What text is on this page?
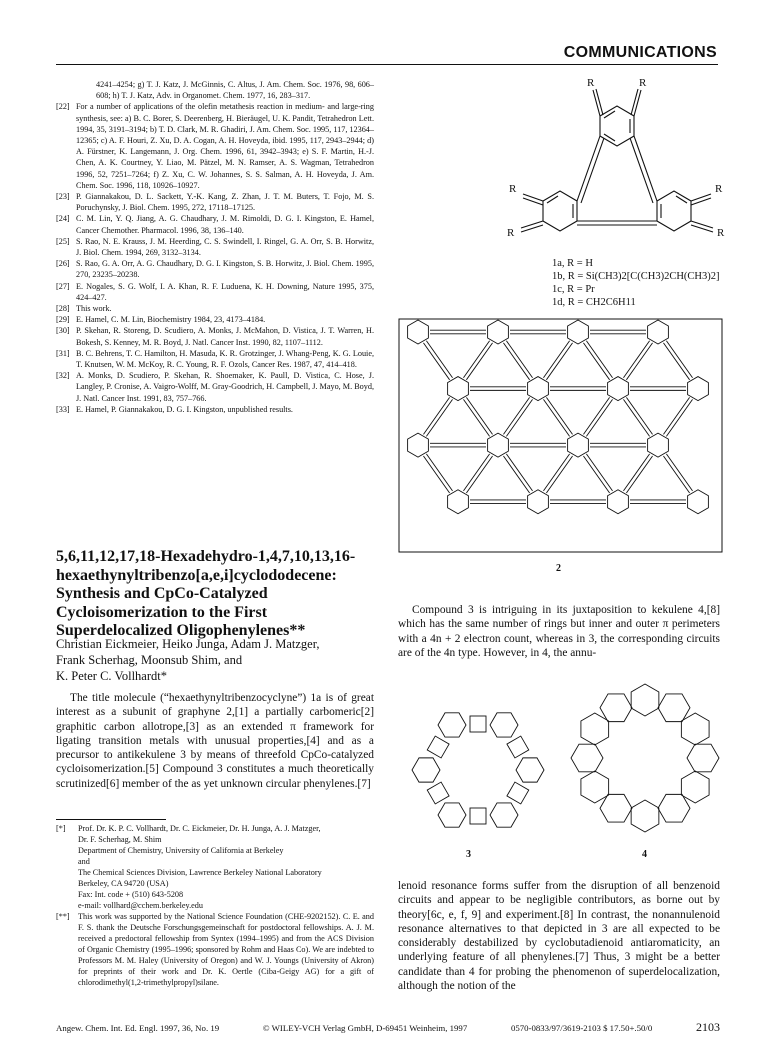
COMMUNICATIONS
4241–4254; g) T. J. Katz, J. McGinnis, C. Altus, J. Am. Chem. Soc. 1976, 98, 606–608; h) T. J. Katz, Adv. in Organomet. Chem. 1977, 16, 283–317.
[22] For a number of applications of the olefin metathesis reaction in medium- and large-ring synthesis, see: a) B. C. Borer, S. Deerenberg, H. Bieräugel, U. K. Pandit, Tetrahedron Lett. 1994, 35, 3191–3194; b) T. D. Clark, M. R. Ghadiri, J. Am. Chem. Soc. 1995, 117, 12364–12365; c) A. F. Houri, Z. Xu, D. A. Cogan, A. H. Hoveyda, ibid. 1995, 117, 2943–2944; d) A. Fürstner, K. Langemann, J. Org. Chem. 1996, 61, 3942–3943; e) S. F. Martin, H.-J. Chen, A. K. Courtney, Y. Liao, M. Pätzel, M. N. Ramser, A. S. Wagman, Tetrahedron 1996, 52, 7251–7264; f) Z. Xu, C. W. Johannes, S. S. Salman, A. H. Hoveyda, J. Am. Chem. Soc. 1996, 118, 10926–10927.
[23] P. Giannakakou, D. L. Sackett, Y.-K. Kang, Z. Zhan, J. T. M. Buters, T. Fojo, M. S. Poruchynsky, J. Biol. Chem. 1995, 272, 17118–17125.
[24] C. M. Lin, Y. Q. Jiang, A. G. Chaudhary, J. M. Rimoldi, D. G. I. Kingston, E. Hamel, Cancer Chemother. Pharmacol. 1996, 38, 136–140.
[25] S. Rao, N. E. Krauss, J. M. Heerding, C. S. Swindell, I. Ringel, G. A. Orr, S. B. Horwitz, J. Biol. Chem. 1994, 269, 3132–3134.
[26] S. Rao, G. A. Orr, A. G. Chaudhary, D. G. I. Kingston, S. B. Horwitz, J. Biol. Chem. 1995, 270, 23235–20238.
[27] E. Nogales, S. G. Wolf, I. A. Khan, R. F. Luduena, K. H. Downing, Nature 1995, 375, 424–427.
[28] This work.
[29] E. Hamel, C. M. Lin, Biochemistry 1984, 23, 4173–4184.
[30] P. Skehan, R. Storeng, D. Scudiero, A. Monks, J. McMahon, D. Vistica, J. T. Warren, H. Bokesh, S. Kenney, M. R. Boyd, J. Natl. Cancer Inst. 1990, 82, 1107–1112.
[31] B. C. Behrens, T. C. Hamilton, H. Masuda, K. R. Grotzinger, J. Whang-Peng, K. G. Louie, T. Knutsen, W. M. McKoy, R. C. Young, R. F. Ozols, Cancer Res. 1987, 47, 414–418.
[32] A. Monks, D. Scudiero, P. Skehan, R. Shoemaker, K. Paull, D. Vistica, C. Hose, J. Langley, P. Cronise, A. Vaigro-Wolff, M. Gray-Goodrich, H. Campbell, J. Mayo, M. Boyd, J. Natl. Cancer Inst. 1991, 83, 757–766.
[33] E. Hamel, P. Giannakakou, D. G. I. Kingston, unpublished results.
5,6,11,12,17,18-Hexadehydro-1,4,7,10,13,16-
hexaethynyltribenzo[a,e,i]cyclododecene:
Synthesis and CpCo-Catalyzed
Cycloisomerization to the First
Superdelocalized Oligophenylenes**
Christian Eickmeier, Heiko Junga, Adam J. Matzger,
Frank Scherhag, Moonsub Shim, and
K. Peter C. Vollhardt*
The title molecule (“hexaethynyltribenzocyclyne”) 1a is of great interest as a subunit of graphyne 2,[1] a partially carbomeric[2] graphitic carbon allotrope,[3] as an extended π framework for ligating transition metals with unusual properties,[4] and as a precursor to antikekulene 3 by means of threefold CpCo-catalyzed cycloisomerization.[5] Compound 3 constitutes a much theoretically scrutinized[6] member of the as yet unknown circular phenylenes.[7]
[*]	Prof. Dr. K. P. C. Vollhardt, Dr. C. Eickmeier, Dr. H. Junga, A. J. Matzger,
Dr. F. Scherhag, M. Shim
Department of Chemistry, University of California at Berkeley
and
The Chemical Sciences Division, Lawrence Berkeley National Laboratory
Berkeley, CA 94720 (USA)
Fax: Int. code + (510) 643-5208
e-mail: vollhard@cchem.berkeley.edu
[**]	This work was supported by the National Science Foundation (CHE-9202152). C. E. and F. S. thank the Deutsche Forschungsgemeinschaft for postdoctoral fellowships. A. J. M. received a predoctoral fellowship from Syntex (1994–1995) and from the ACS Division of Organic Chemistry (1995–1996; sponsored by Rohm and Haas Co). We are indebted to Professors M. M. Haley (University of Oregon) and W. J. Youngs (University of Akron) for preprints of their work and Dr. K. Oertle (Ciba-Geigy AG) for a gift of chlorodimethyl(1,2-trimethylpropyl)silane.
R	R
R
R
R
R
1a, R = H
1b, R = Si(CH3)2[C(CH3)2CH(CH3)2]
1c, R = Pr
1d, R = CH2C6H11
2
Compound 3 is intriguing in its juxtaposition to kekulene 4,[8] which has the same number of rings but inner and outer π perimeters with a 4n + 2 electron count, whereas in 3, the corresponding circuits are of the 4n type. However, in 4, the annu-
3	4
lenoid resonance forms suffer from the disruption of all benzenoid circuits and appear to be negligible contributors, as borne out by theory[6c, e, f, 9] and experiment.[8] In contrast, the nonannulenoid resonance alternatives to that depicted in 3 are all expected to be considerably destabilized by cyclobutadienoid antiaromaticity, an underlying feature of all phenylenes.[7] Thus, 3 might be a better candidate than 4 for probing the phenomenon of superdelocalization, although the notion of the
Angew. Chem. Int. Ed. Engl. 1997, 36, No. 19	© WILEY-VCH Verlag GmbH, D-69451 Weinheim, 1997	0570-0833/97/3619-2103 $ 17.50+.50/0	2103
